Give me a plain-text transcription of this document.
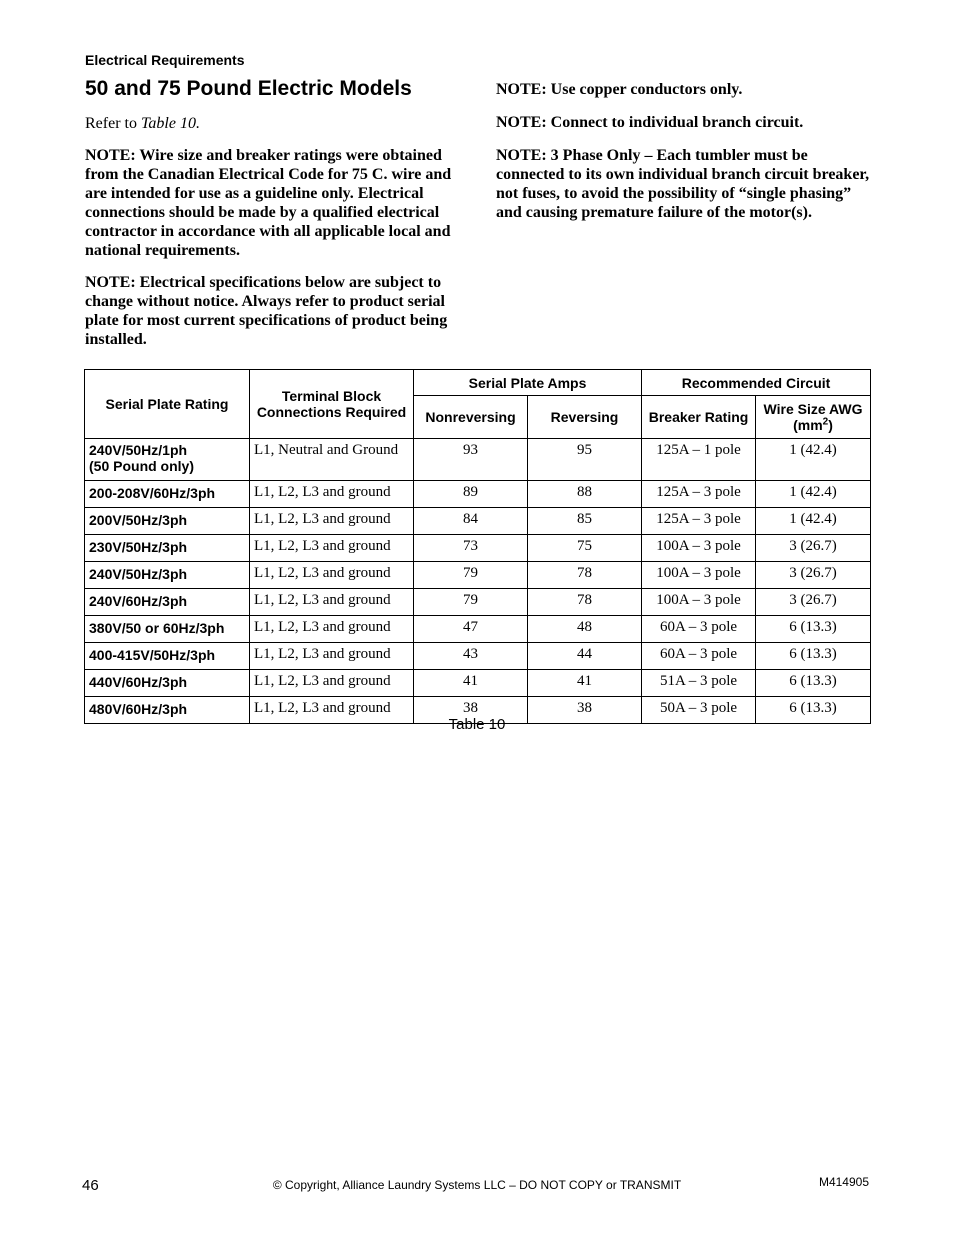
Electrical Requirements
50 and 75 Pound Electric Models

Refer to Table 10.

NOTE: Wire size and breaker ratings were obtained from the Canadian Electrical Code for 75 C. wire and are intended for use as a guideline only. Electrical connections should be made by a qualified electrical contractor in accordance with all applicable local and national requirements.

NOTE: Electrical specifications below are subject to change without notice. Always refer to product serial plate for most current specifications of product being installed.

NOTE: Use copper conductors only.

NOTE: Connect to individual branch circuit.

NOTE: 3 Phase Only – Each tumbler must be connected to its own individual branch circuit breaker, not fuses, to avoid the possibility of “single phasing” and causing premature failure of the motor(s).

Serial Plate Rating	Terminal Block Connections Required	Serial Plate Amps		Recommended Circuit	
		Nonreversing	Reversing	Breaker Rating	Wire Size AWG $(mm^2)$

240V/50Hz/1ph
(50 Pound only)	L1, Neutral and Ground	93	95	125A – 1 pole	1 (42.4)
200-208V/60Hz/3ph	L1, L2, L3 and ground	89	88	125A – 3 pole	1 (42.4)
200V/50Hz/3ph	L1, L2, L3 and ground	84	85	125A – 3 pole	1 (42.4)
230V/50Hz/3ph	L1, L2, L3 and ground	73	75	100A – 3 pole	3 (26.7)
240V/50Hz/3ph	L1, L2, L3 and ground	79	78	100A – 3 pole	3 (26.7)
240V/60Hz/3ph	L1, L2, L3 and ground	79	78	100A – 3 pole	3 (26.7)
380V/50 or 60Hz/3ph	L1, L2, L3 and ground	47	48	60A – 3 pole	6 (13.3)
400-415V/50Hz/3ph	L1, L2, L3 and ground	43	44	60A – 3 pole	6 (13.3)
440V/60Hz/3ph	L1, L2, L3 and ground	41	41	51A – 3 pole	6 (13.3)
480V/60Hz/3ph	L1, L2, L3 and ground	38	38	50A – 3 pole	6 (13.3)
Table 10
46	© Copyright, Alliance Laundry Systems LLC – DO NOT COPY or TRANSMIT	M414905
